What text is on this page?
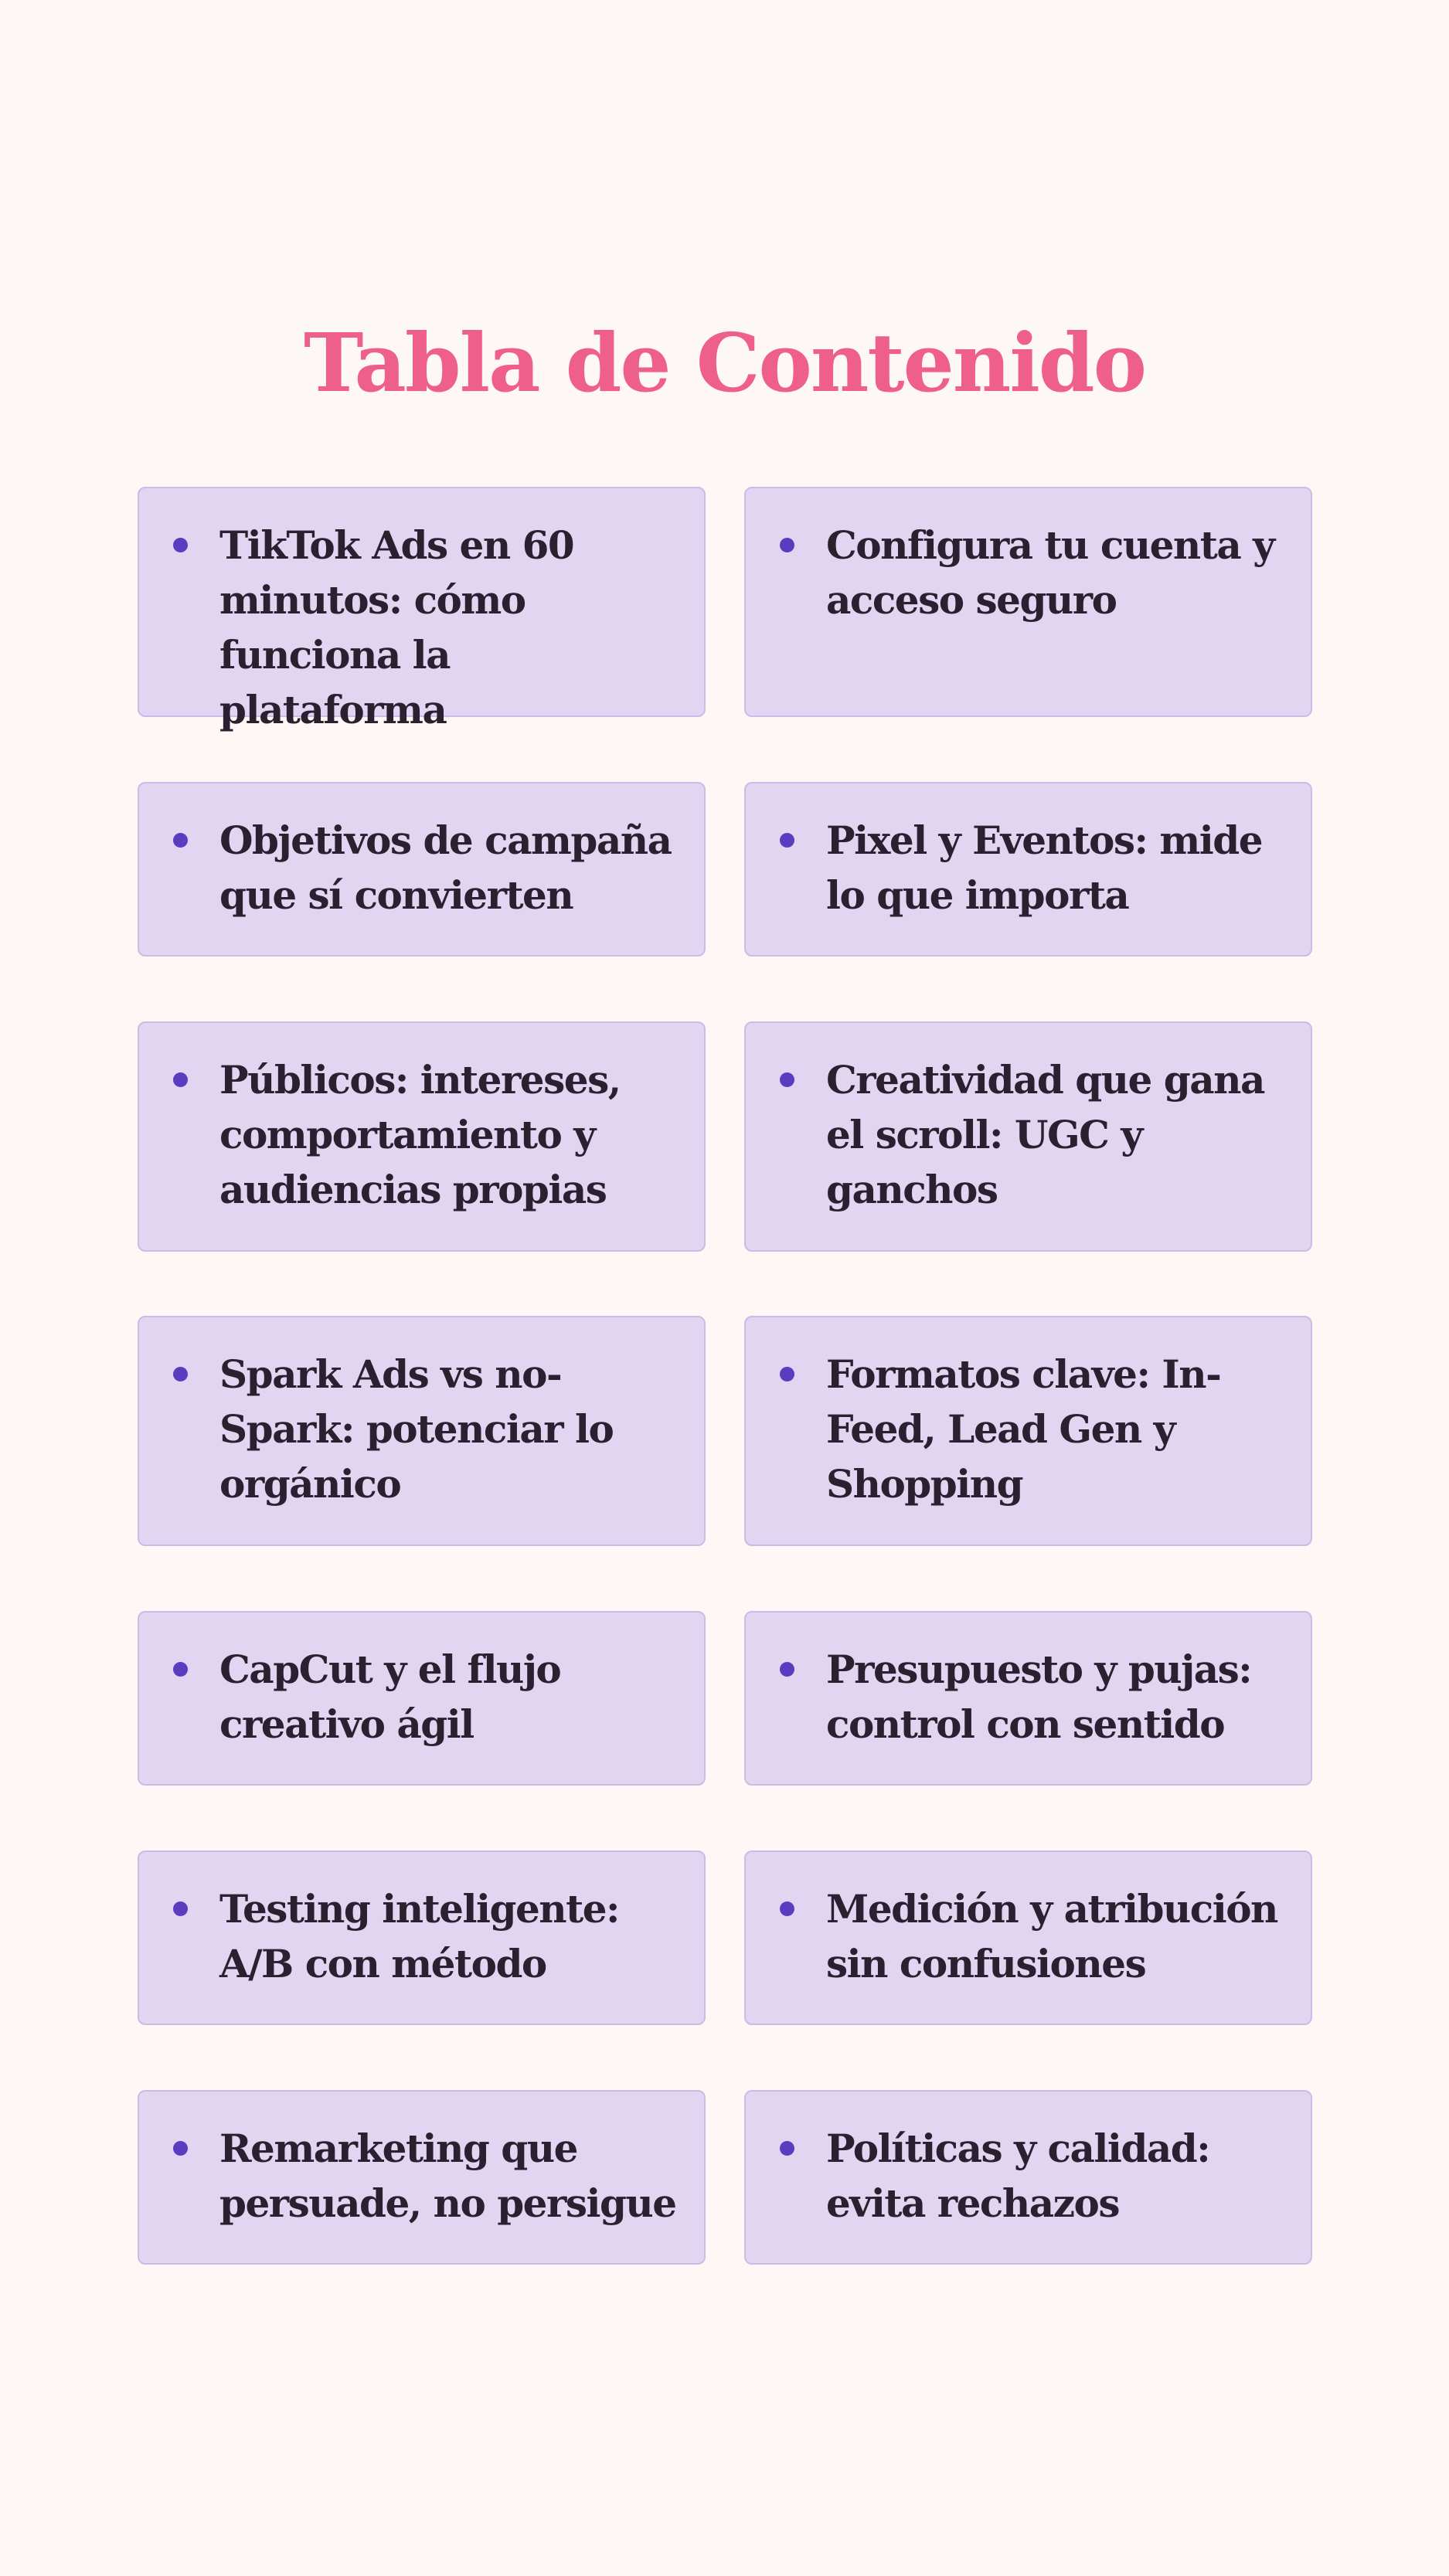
Tabla de Contenido
TikTok Ads en 60 minutos: cómo funciona la plataforma
Configura tu cuenta y acceso seguro
Objetivos de campaña que sí convierten
Pixel y Eventos: mide lo que importa
Públicos: intereses, comportamiento y audiencias propias
Creatividad que gana el scroll: UGC y ganchos
Spark Ads vs no-Spark: potenciar lo orgánico
Formatos clave: In-Feed, Lead Gen y Shopping
CapCut y el flujo creativo ágil
Presupuesto y pujas: control con sentido
Testing inteligente: A/B con método
Medición y atribución sin confusiones
Remarketing que persuade, no persigue
Políticas y calidad: evita rechazos
